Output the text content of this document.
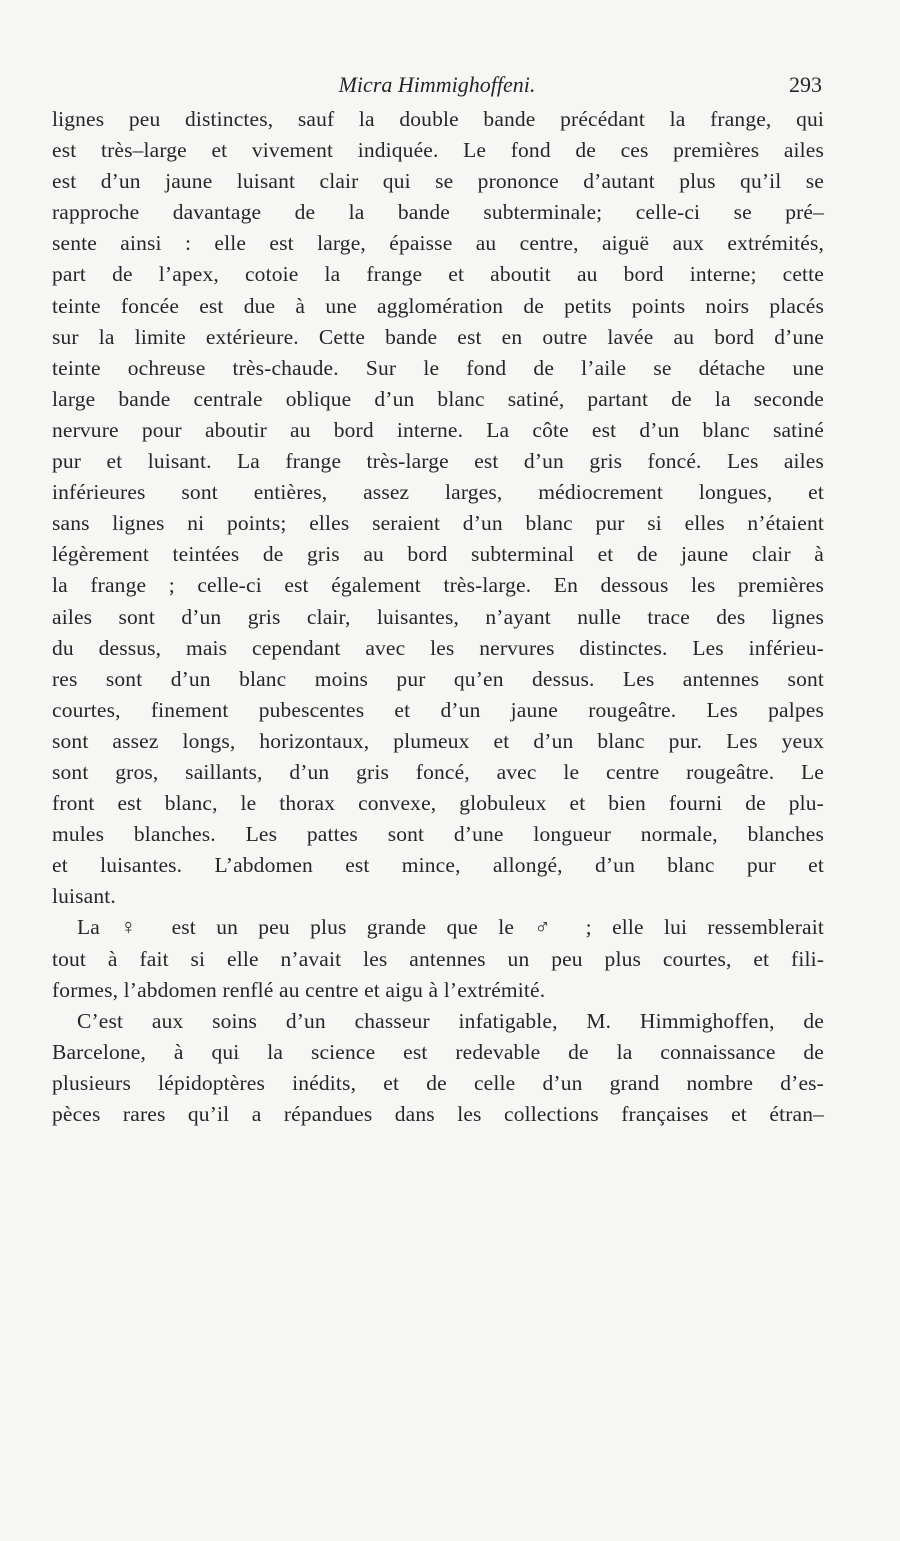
Micra Himmighoffeni.	293
lignes peu distinctes, sauf la double bande précédant la frange, qui
est très–large et vivement indiquée. Le fond de ces premières ailes
est d’un jaune luisant clair qui se prononce d’autant plus qu’il se
rapproche davantage de la bande subterminale; celle-ci se pré–
sente ainsi : elle est large, épaisse au centre, aiguë aux extrémités,
part de l’apex, cotoie la frange et aboutit au bord interne; cette
teinte foncée est due à une agglomération de petits points noirs placés
sur la limite extérieure. Cette bande est en outre lavée au bord d’une
teinte ochreuse très-chaude. Sur le fond de l’aile se détache une
large bande centrale oblique d’un blanc satiné, partant de la seconde
nervure pour aboutir au bord interne. La côte est d’un blanc satiné
pur et luisant. La frange très-large est d’un gris foncé. Les ailes
inférieures sont entières, assez larges, médiocrement longues, et
sans lignes ni points; elles seraient d’un blanc pur si elles n’étaient
légèrement teintées de gris au bord subterminal et de jaune clair à
la frange ; celle-ci est également très-large. En dessous les premières
ailes sont d’un gris clair, luisantes, n’ayant nulle trace des lignes
du dessus, mais cependant avec les nervures distinctes. Les inférieu-
res sont d’un blanc moins pur qu’en dessus. Les antennes sont
courtes, finement pubescentes et d’un jaune rougeâtre. Les palpes
sont assez longs, horizontaux, plumeux et d’un blanc pur. Les yeux
sont gros, saillants, d’un gris foncé, avec le centre rougeâtre. Le
front est blanc, le thorax convexe, globuleux et bien fourni de plu-
mules blanches. Les pattes sont d’une longueur normale, blanches
et luisantes. L’abdomen est mince, allongé, d’un blanc pur et
luisant.
La ♀ est un peu plus grande que le ♂ ; elle lui ressemblerait
tout à fait si elle n’avait les antennes un peu plus courtes, et fili-
formes, l’abdomen renflé au centre et aigu à l’extrémité.
C’est aux soins d’un chasseur infatigable, M. Himmighoffen, de
Barcelone, à qui la science est redevable de la connaissance de
plusieurs lépidoptères inédits, et de celle d’un grand nombre d’es-
pèces rares qu’il a répandues dans les collections françaises et étran–
